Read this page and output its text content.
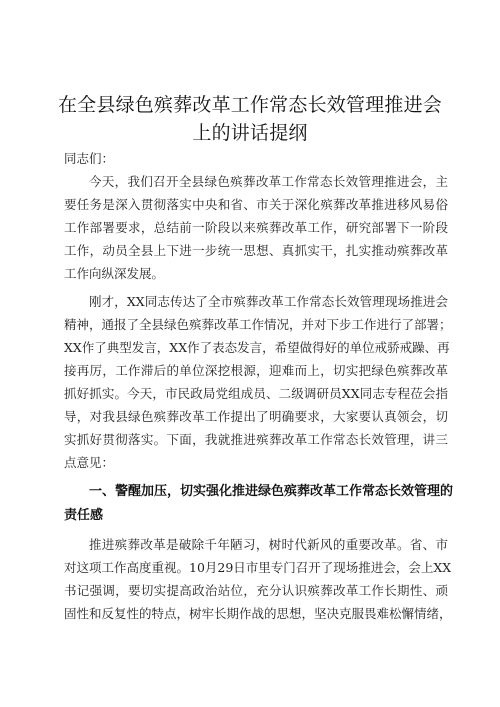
在全县绿色殡葬改革工作常态长效管理推进会
上的讲话提纲
同志们：
今天，我们召开全县绿色殡葬改革工作常态长效管理推进会，主
要任务是深入贯彻落实中央和省、市关于深化殡葬改革推进移风易俗
工作部署要求，总结前一阶段以来殡葬改革工作，研究部署下一阶段
工作，动员全县上下进一步统一思想、真抓实干，扎实推动殡葬改革
工作向纵深发展。
刚才，XX同志传达了全市殡葬改革工作常态长效管理现场推进会
精神，通报了全县绿色殡葬改革工作情况，并对下步工作进行了部署；
XX作了典型发言，XX作了表态发言，希望做得好的单位戒骄戒躁、再
接再厉，工作滞后的单位深挖根源，迎难而上，切实把绿色殡葬改革
抓好抓实。今天，市民政局党组成员、二级调研员XX同志专程莅会指
导，对我县绿色殡葬改革工作提出了明确要求，大家要认真领会，切
实抓好贯彻落实。下面，我就推进殡葬改革工作常态长效管理，讲三
点意见：
一、警醒加压，切实强化推进绿色殡葬改革工作常态长效管理的
责任感
推进殡葬改革是破除千年陋习，树时代新风的重要改革。省、市
对这项工作高度重视。10月29日市里专门召开了现场推进会，会上XX
书记强调，要切实提高政治站位，充分认识殡葬改革工作长期性、顽
固性和反复性的特点，树牢长期作战的思想，坚决克服畏难松懈情绪，
